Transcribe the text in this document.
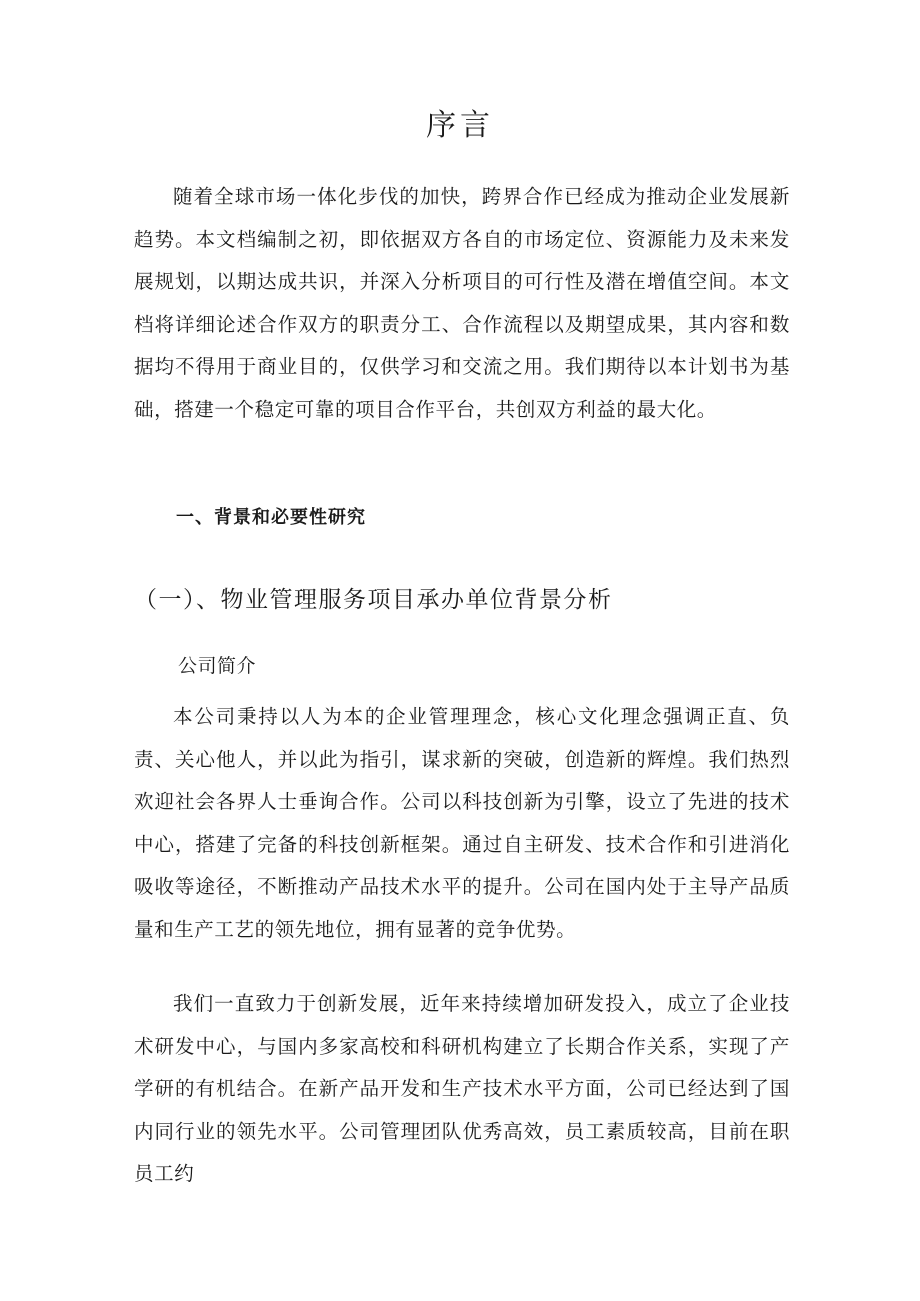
序言

随着全球市场一体化步伐的加快，跨界合作已经成为推动企业发展新趋势。本文档编制之初，即依据双方各自的市场定位、资源能力及未来发展规划，以期达成共识，并深入分析项目的可行性及潜在增值空间。本文档将详细论述合作双方的职责分工、合作流程以及期望成果，其内容和数据均不得用于商业目的，仅供学习和交流之用。我们期待以本计划书为基础，搭建一个稳定可靠的项目合作平台，共创双方利益的最大化。

一、背景和必要性研究
（一）、物业管理服务项目承办单位背景分析
公司简介

本公司秉持以人为本的企业管理理念，核心文化理念强调正直、负责、关心他人，并以此为指引，谋求新的突破，创造新的辉煌。我们热烈欢迎社会各界人士垂询合作。公司以科技创新为引擎，设立了先进的技术中心，搭建了完备的科技创新框架。通过自主研发、技术合作和引进消化吸收等途径，不断推动产品技术水平的提升。公司在国内处于主导产品质量和生产工艺的领先地位，拥有显著的竞争优势。

我们一直致力于创新发展，近年来持续增加研发投入，成立了企业技术研发中心，与国内多家高校和科研机构建立了长期合作关系，实现了产学研的有机结合。在新产品开发和生产技术水平方面，公司已经达到了国内同行业的领先水平。公司管理团队优秀高效，员工素质较高，目前在职员工约
